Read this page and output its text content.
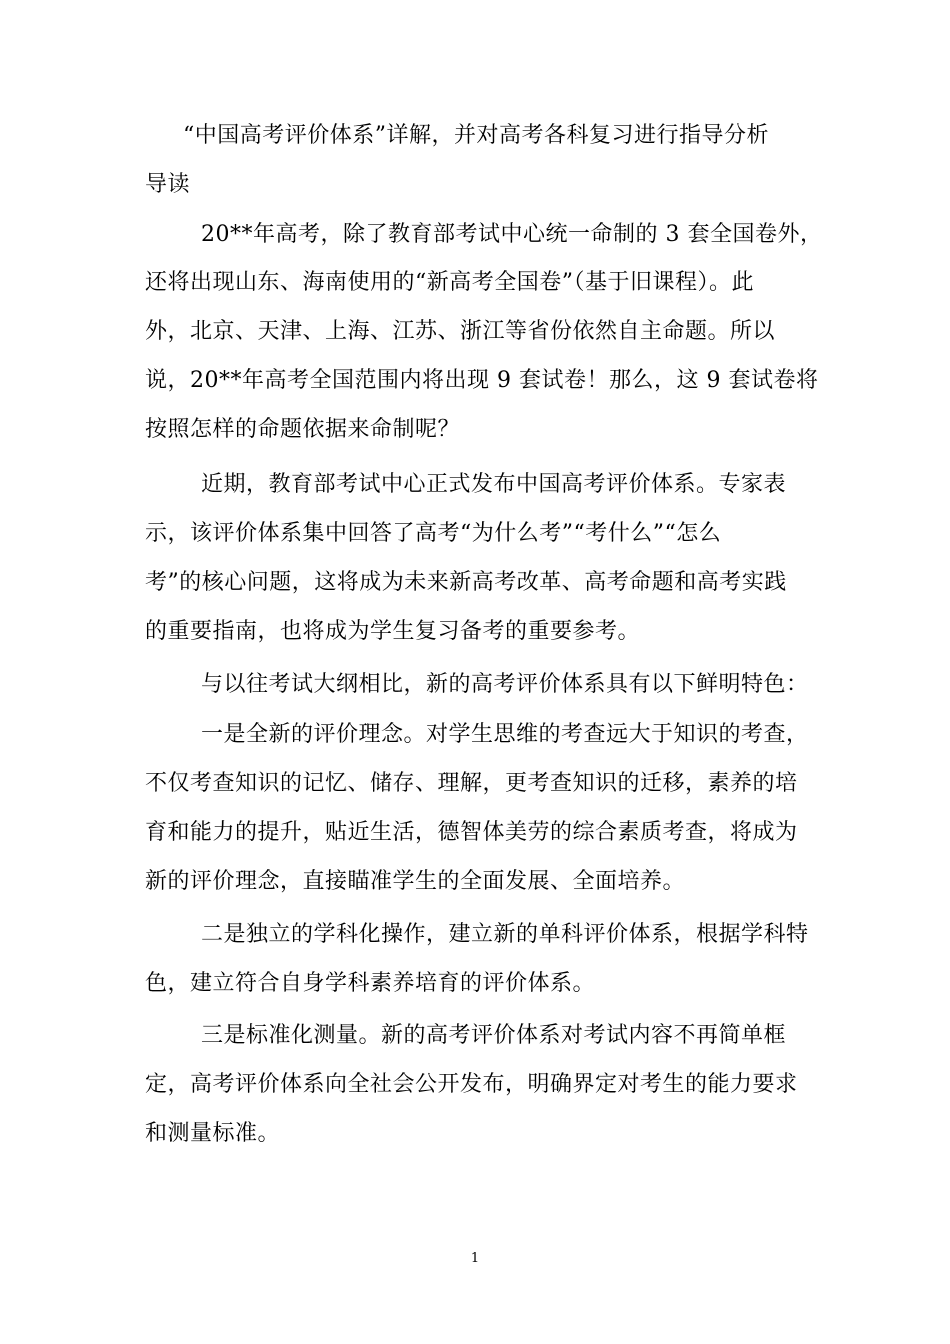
“中国高考评价体系”详解，并对高考各科复习进行指导分析
导读
20**年高考，除了教育部考试中心统一命制的 3 套全国卷外，
还将出现山东、海南使用的“新高考全国卷”（基于旧课程）。此
外，北京、天津、上海、江苏、浙江等省份依然自主命题。所以
说，20**年高考全国范围内将出现 9 套试卷！那么，这 9 套试卷将
按照怎样的命题依据来命制呢？
近期，教育部考试中心正式发布中国高考评价体系。专家表
示，该评价体系集中回答了高考“为什么考”“考什么”“怎么
考”的核心问题，这将成为未来新高考改革、高考命题和高考实践
的重要指南，也将成为学生复习备考的重要参考。
与以往考试大纲相比，新的高考评价体系具有以下鲜明特色：
一是全新的评价理念。对学生思维的考查远大于知识的考查，
不仅考查知识的记忆、储存、理解，更考查知识的迁移，素养的培
育和能力的提升，贴近生活，德智体美劳的综合素质考查，将成为
新的评价理念，直接瞄准学生的全面发展、全面培养。
二是独立的学科化操作，建立新的单科评价体系，根据学科特
色，建立符合自身学科素养培育的评价体系。
三是标准化测量。新的高考评价体系对考试内容不再简单框
定，高考评价体系向全社会公开发布，明确界定对考生的能力要求
和测量标准。
1
